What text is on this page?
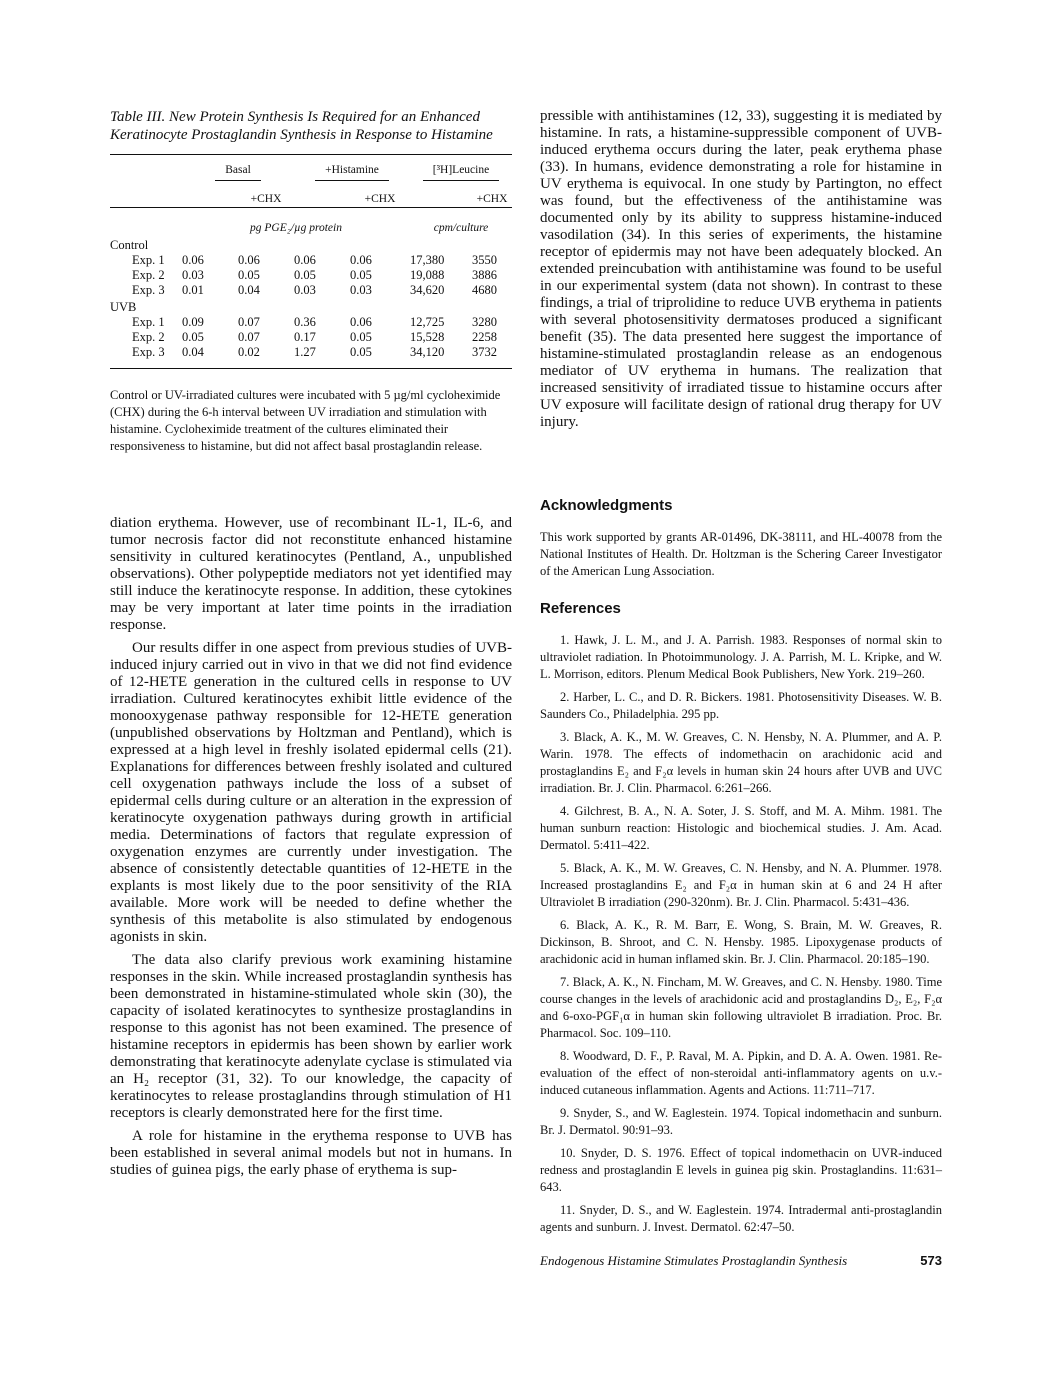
Table III. New Protein Synthesis Is Required for an Enhanced Keratinocyte Prostaglandin Synthesis in Response to Histamine

	Basal		+Histamine		[³H]Leucine	
		+CHX		+CHX		+CHX
	pg PGE₂/µg protein				cpm/culture	
Control						
Exp. 1	0.06	0.06	0.06	0.06	17,380	3550
Exp. 2	0.03	0.05	0.05	0.05	19,088	3886
Exp. 3	0.01	0.04	0.03	0.03	34,620	4680
UVB						
Exp. 1	0.09	0.07	0.36	0.06	12,725	3280
Exp. 2	0.05	0.07	0.17	0.05	15,528	2258
Exp. 3	0.04	0.02	1.27	0.05	34,120	3732

Control or UV-irradiated cultures were incubated with 5 µg/ml cycloheximide (CHX) during the 6-h interval between UV irradiation and stimulation with histamine. Cycloheximide treatment of the cultures eliminated their responsiveness to histamine, but did not affect basal prostaglandin release.

diation erythema. However, use of recombinant IL-1, IL-6, and tumor necrosis factor did not reconstitute enhanced histamine sensitivity in cultured keratinocytes (Pentland, A., unpublished observations). Other polypeptide mediators not yet identified may still induce the keratinocyte response. In addition, these cytokines may be very important at later time points in the irradiation response.

Our results differ in one aspect from previous studies of UVB-induced injury carried out in vivo in that we did not find evidence of 12-HETE generation in the cultured cells in response to UV irradiation. Cultured keratinocytes exhibit little evidence of the monooxygenase pathway responsible for 12-HETE generation (unpublished observations by Holtzman and Pentland), which is expressed at a high level in freshly isolated epidermal cells (21). Explanations for differences between freshly isolated and cultured cell oxygenation pathways include the loss of a subset of epidermal cells during culture or an alteration in the expression of keratinocyte oxygenation pathways during growth in artificial media. Determinations of factors that regulate expression of oxygenation enzymes are currently under investigation. The absence of consistently detectable quantities of 12-HETE in the explants is most likely due to the poor sensitivity of the RIA available. More work will be needed to define whether the synthesis of this metabolite is also stimulated by endogenous agonists in skin.

The data also clarify previous work examining histamine responses in the skin. While increased prostaglandin synthesis has been demonstrated in histamine-stimulated whole skin (30), the capacity of isolated keratinocytes to synthesize prostaglandins in response to this agonist has not been examined. The presence of histamine receptors in epidermis has been shown by earlier work demonstrating that keratinocyte adenylate cyclase is stimulated via an H₂ receptor (31, 32). To our knowledge, the capacity of keratinocytes to release prostaglandins through stimulation of H1 receptors is clearly demonstrated here for the first time.

A role for histamine in the erythema response to UVB has been established in several animal models but not in humans. In studies of guinea pigs, the early phase of erythema is sup-

pressible with antihistamines (12, 33), suggesting it is mediated by histamine. In rats, a histamine-suppressible component of UVB-induced erythema occurs during the later, peak erythema phase (33). In humans, evidence demonstrating a role for histamine in UV erythema is equivocal. In one study by Partington, no effect was found, but the effectiveness of the antihistamine was documented only by its ability to suppress histamine-induced vasodilation (34). In this series of experiments, the histamine receptor of epidermis may not have been adequately blocked. An extended preincubation with antihistamine was found to be useful in our experimental system (data not shown). In contrast to these findings, a trial of triprolidine to reduce UVB erythema in patients with several photosensitivity dermatoses produced a significant benefit (35). The data presented here suggest the importance of histamine-stimulated prostaglandin release as an endogenous mediator of UV erythema in humans. The realization that increased sensitivity of irradiated tissue to histamine occurs after UV exposure will facilitate design of rational drug therapy for UV injury.

Acknowledgments
This work supported by grants AR-01496, DK-38111, and HL-40078 from the National Institutes of Health. Dr. Holtzman is the Schering Career Investigator of the American Lung Association.
References
1. Hawk, J. L. M., and J. A. Parrish. 1983. Responses of normal skin to ultraviolet radiation. In Photoimmunology. J. A. Parrish, M. L. Kripke, and W. L. Morrison, editors. Plenum Medical Book Publishers, New York. 219–260.
2. Harber, L. C., and D. R. Bickers. 1981. Photosensitivity Diseases. W. B. Saunders Co., Philadelphia. 295 pp.
3. Black, A. K., M. W. Greaves, C. N. Hensby, N. A. Plummer, and A. P. Warin. 1978. The effects of indomethacin on arachidonic acid and prostaglandins E₂ and F₂α levels in human skin 24 hours after UVB and UVC irradiation. Br. J. Clin. Pharmacol. 6:261–266.
4. Gilchrest, B. A., N. A. Soter, J. S. Stoff, and M. A. Mihm. 1981. The human sunburn reaction: Histologic and biochemical studies. J. Am. Acad. Dermatol. 5:411–422.
5. Black, A. K., M. W. Greaves, C. N. Hensby, and N. A. Plummer. 1978. Increased prostaglandins E₂ and F₂α in human skin at 6 and 24 H after Ultraviolet B irradiation (290-320nm). Br. J. Clin. Pharmacol. 5:431–436.
6. Black, A. K., R. M. Barr, E. Wong, S. Brain, M. W. Greaves, R. Dickinson, B. Shroot, and C. N. Hensby. 1985. Lipoxygenase products of arachidonic acid in human inflamed skin. Br. J. Clin. Pharmacol. 20:185–190.
7. Black, A. K., N. Fincham, M. W. Greaves, and C. N. Hensby. 1980. Time course changes in the levels of arachidonic acid and prostaglandins D₂, E₂, F₂α and 6-oxo-PGF₁α in human skin following ultraviolet B irradiation. Proc. Br. Pharmacol. Soc. 109–110.
8. Woodward, D. F., P. Raval, M. A. Pipkin, and D. A. A. Owen. 1981. Re-evaluation of the effect of non-steroidal anti-inflammatory agents on u.v.-induced cutaneous inflammation. Agents and Actions. 11:711–717.
9. Snyder, S., and W. Eaglestein. 1974. Topical indomethacin and sunburn. Br. J. Dermatol. 90:91–93.
10. Snyder, D. S. 1976. Effect of topical indomethacin on UVR-induced redness and prostaglandin E levels in guinea pig skin. Prostaglandins. 11:631–643.
11. Snyder, D. S., and W. Eaglestein. 1974. Intradermal anti-prostaglandin agents and sunburn. J. Invest. Dermatol. 62:47–50.
Endogenous Histamine Stimulates Prostaglandin Synthesis	573
